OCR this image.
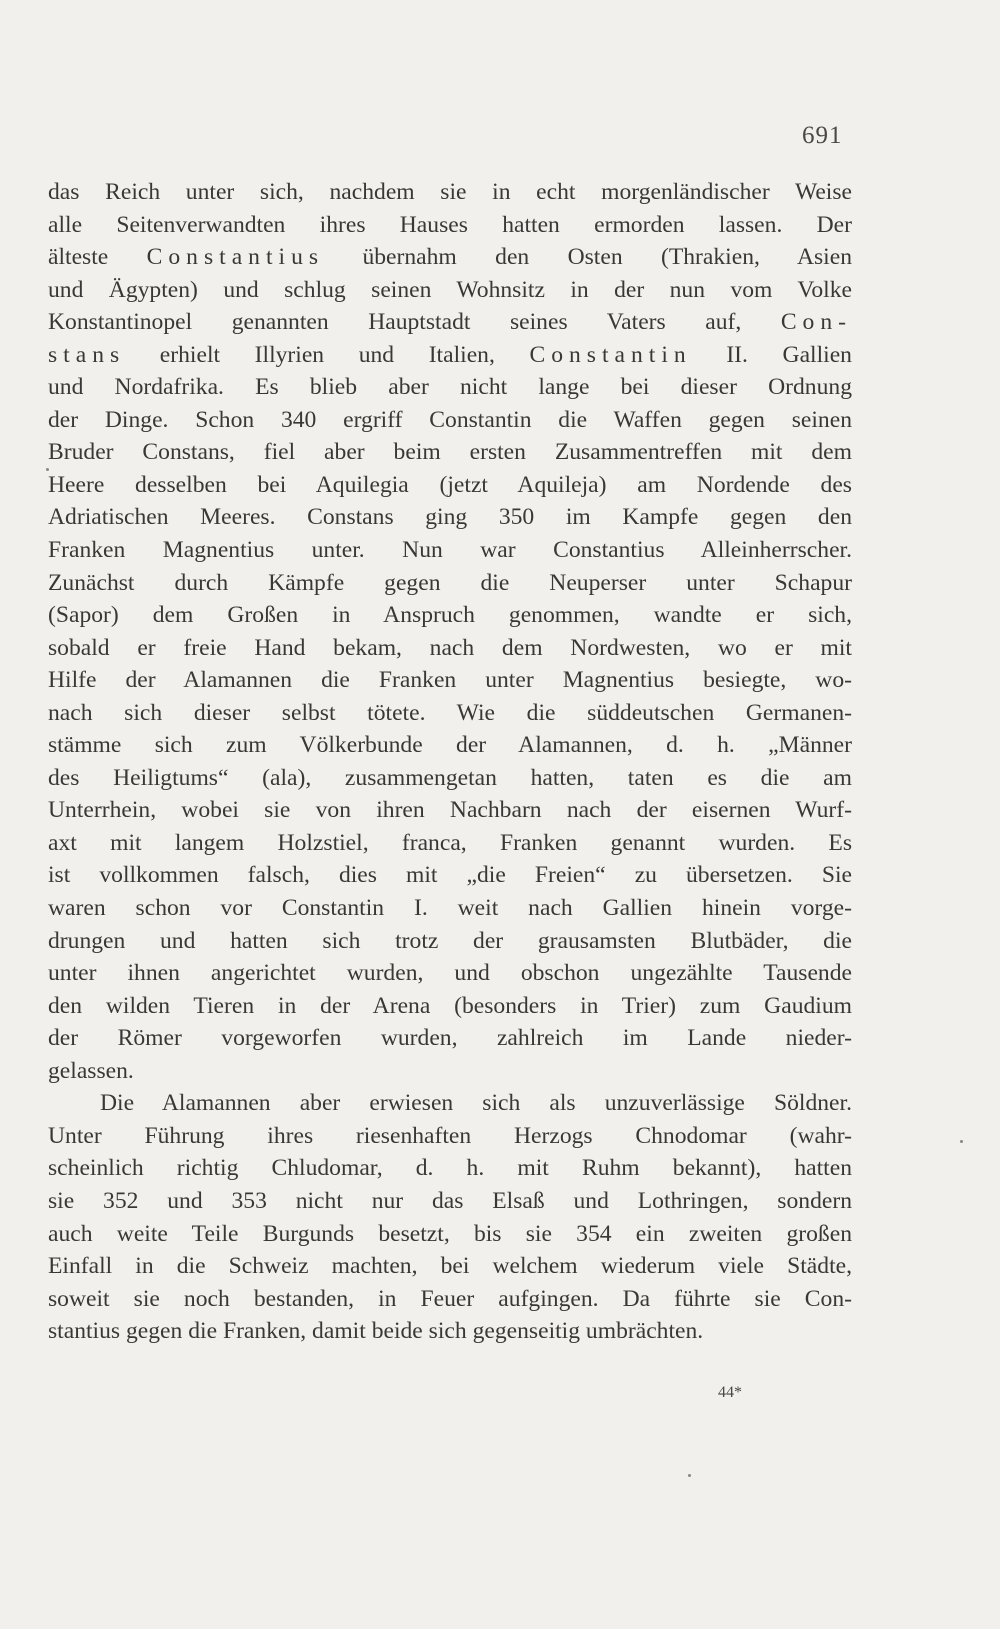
691
das Reich unter sich, nachdem sie in echt morgenländischer Weise
alle Seitenverwandten ihres Hauses hatten ermorden lassen. Der
älteste Constantius übernahm den Osten (Thrakien, Asien
und Ägypten) und schlug seinen Wohnsitz in der nun vom Volke
Konstantinopel genannten Hauptstadt seines Vaters auf, Con-
stans erhielt Illyrien und Italien, Constantin II. Gallien
und Nordafrika. Es blieb aber nicht lange bei dieser Ordnung
der Dinge. Schon 340 ergriff Constantin die Waffen gegen seinen
Bruder Constans, fiel aber beim ersten Zusammentreffen mit dem
Heere desselben bei Aquilegia (jetzt Aquileja) am Nordende des
Adriatischen Meeres. Constans ging 350 im Kampfe gegen den
Franken Magnentius unter. Nun war Constantius Alleinherrscher.
Zunächst durch Kämpfe gegen die Neuperser unter Schapur
(Sapor) dem Großen in Anspruch genommen, wandte er sich,
sobald er freie Hand bekam, nach dem Nordwesten, wo er mit
Hilfe der Alamannen die Franken unter Magnentius besiegte, wo-
nach sich dieser selbst tötete. Wie die süddeutschen Germanen-
stämme sich zum Völkerbunde der Alamannen, d. h. „Männer
des Heiligtums“ (ala), zusammengetan hatten, taten es die am
Unterrhein, wobei sie von ihren Nachbarn nach der eisernen Wurf-
axt mit langem Holzstiel, franca, Franken genannt wurden. Es
ist vollkommen falsch, dies mit „die Freien“ zu übersetzen. Sie
waren schon vor Constantin I. weit nach Gallien hinein vorge-
drungen und hatten sich trotz der grausamsten Blutbäder, die
unter ihnen angerichtet wurden, und obschon ungezählte Tausende
den wilden Tieren in der Arena (besonders in Trier) zum Gaudium
der Römer vorgeworfen wurden, zahlreich im Lande nieder-
gelassen.
Die Alamannen aber erwiesen sich als unzuverlässige Söldner.
Unter Führung ihres riesenhaften Herzogs Chnodomar (wahr-
scheinlich richtig Chludomar, d. h. mit Ruhm bekannt), hatten
sie 352 und 353 nicht nur das Elsaß und Lothringen, sondern
auch weite Teile Burgunds besetzt, bis sie 354 ein zweiten großen
Einfall in die Schweiz machten, bei welchem wiederum viele Städte,
soweit sie noch bestanden, in Feuer aufgingen. Da führte sie Con-
stantius gegen die Franken, damit beide sich gegenseitig umbrächten.
44*
